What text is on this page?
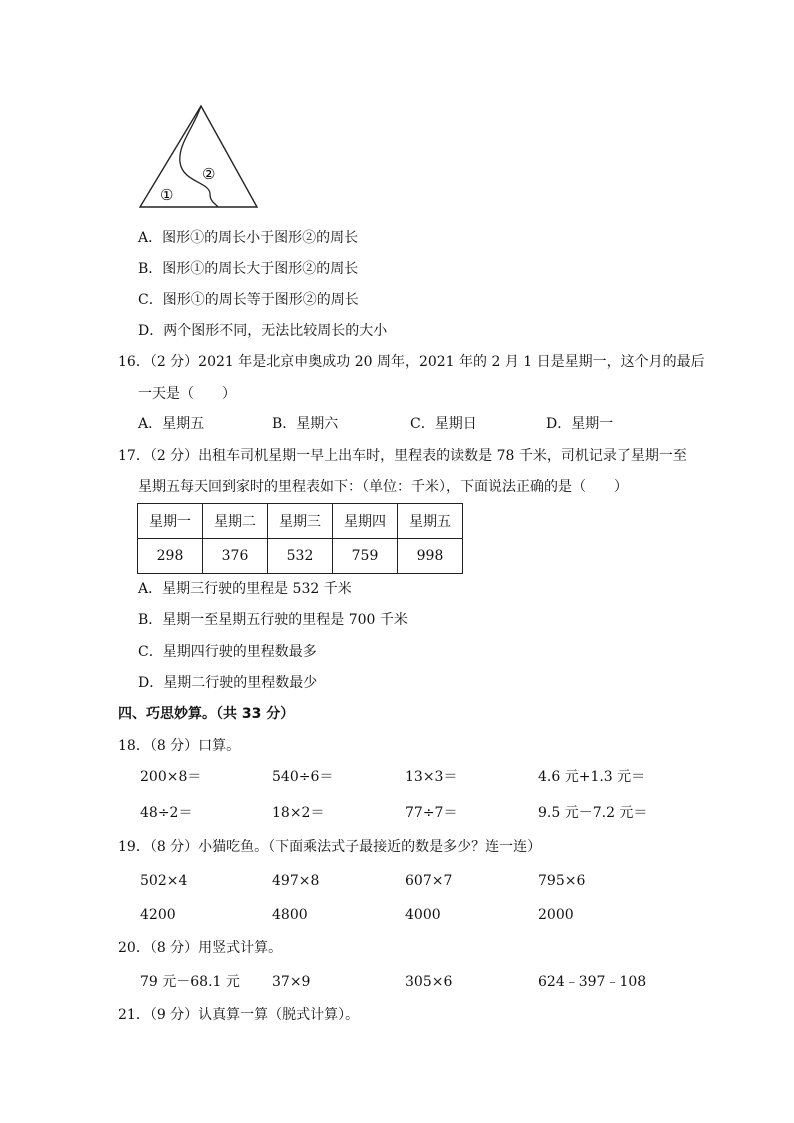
①
②
A．图形①的周长小于图形②的周长
B．图形①的周长大于图形②的周长
C．图形①的周长等于图形②的周长
D．两个图形不同，无法比较周长的大小
16．（2 分）2021 年是北京申奥成功 20 周年，2021 年的 2 月 1 日是星期一，这个月的最后
一天是（　　）
A．星期五	B．星期六	C．星期日	D．星期一
17．（2 分）出租车司机星期一早上出车时，里程表的读数是 78 千米，司机记录了星期一至
星期五每天回到家时的里程表如下：（单位：千米），下面说法正确的是（　　）
星期一	星期二	星期三	星期四	星期五
298	376	532	759	998
A．星期三行驶的里程是 532 千米
B．星期一至星期五行驶的里程是 700 千米
C．星期四行驶的里程数最多
D．星期二行驶的里程数最少
四、巧思妙算。（共 33 分）
18．（8 分）口算。
200×8＝	540÷6＝	13×3＝	4.6 元+1.3 元＝
48÷2＝	18×2＝	77÷7＝	9.5 元－7.2 元＝
19．（8 分）小猫吃鱼。（下面乘法式子最接近的数是多少？连一连）
502×4	497×8	607×7	795×6
4200	4800	4000	2000
20．（8 分）用竖式计算。
79 元－68.1 元 37×9	305×6	624﹣397﹣108
21．（9 分）认真算一算（脱式计算）。
